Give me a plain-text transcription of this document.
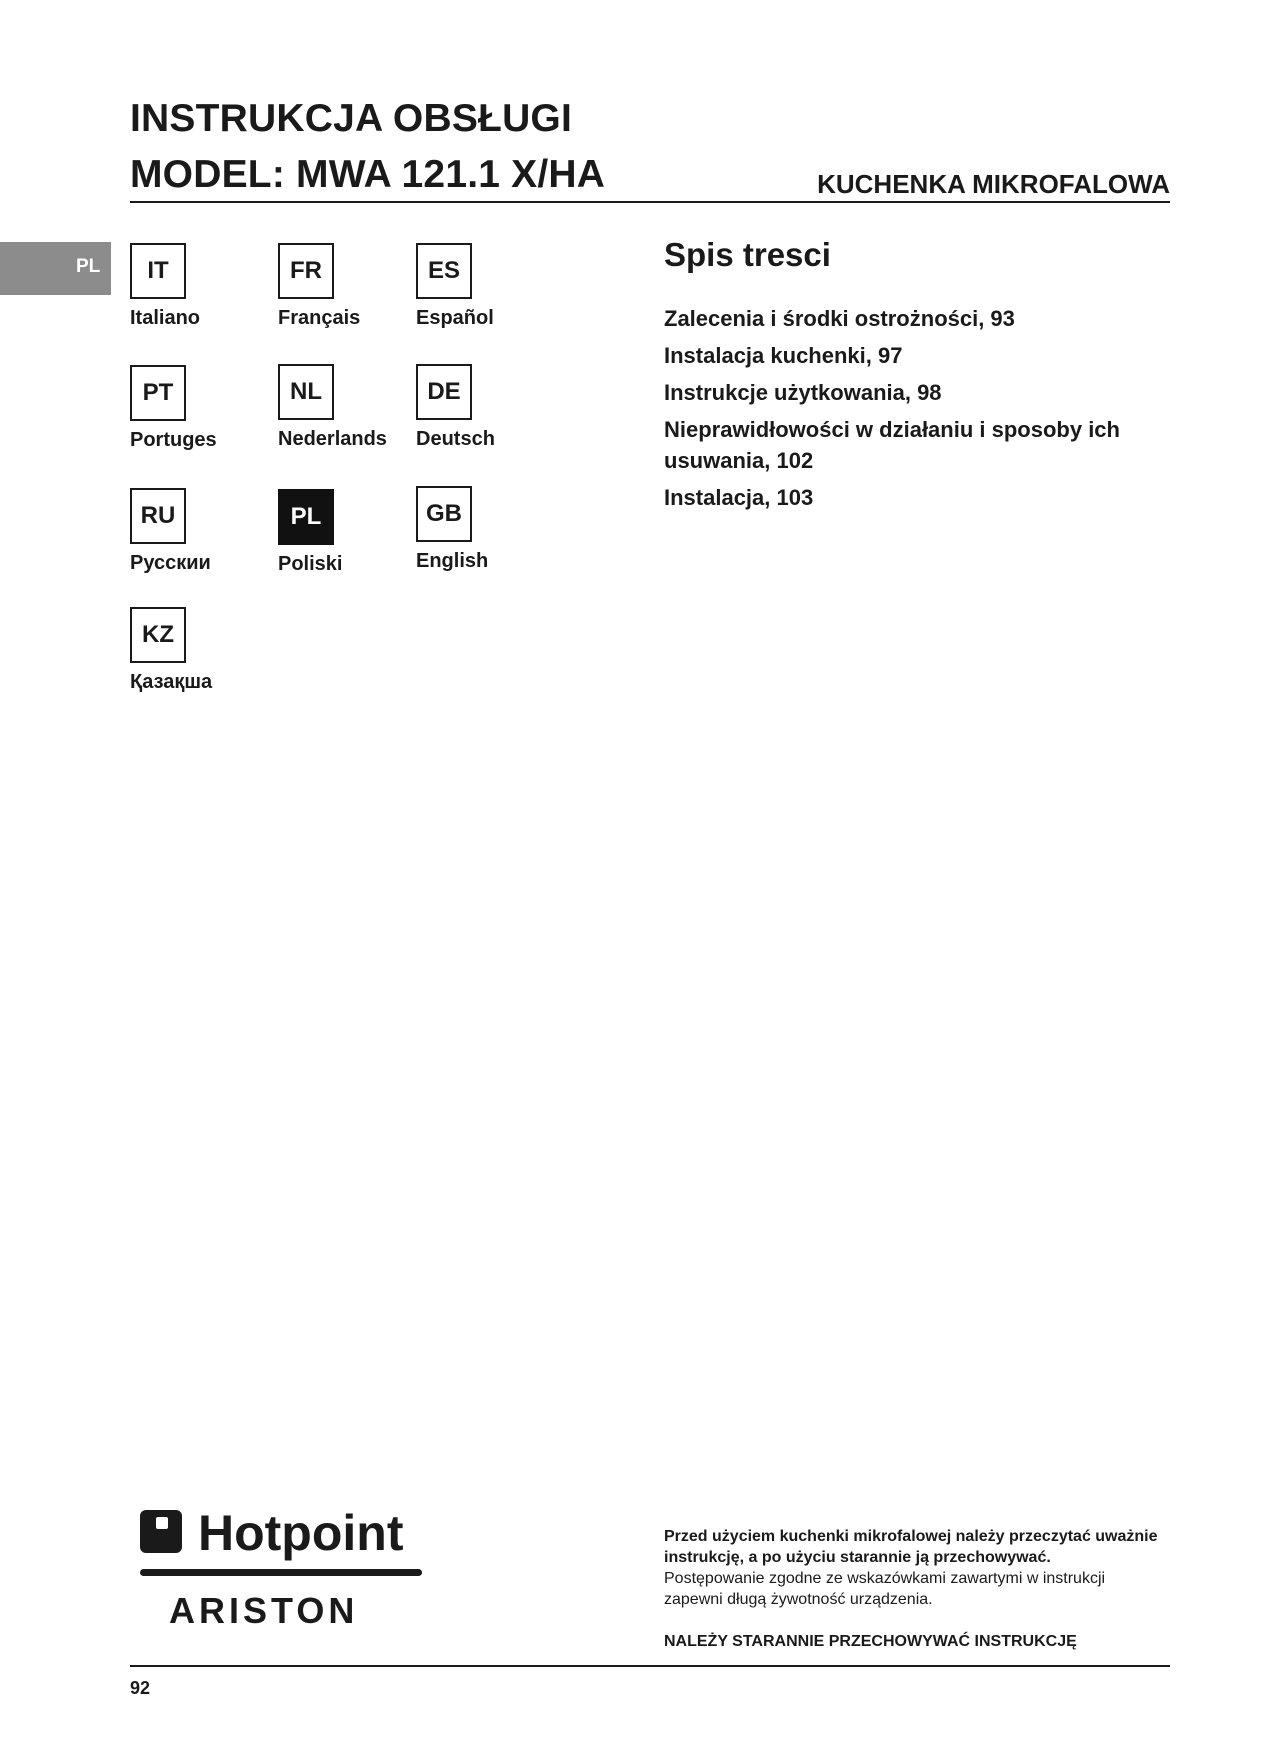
INSTRUKCJA OBSŁUGI
MODEL: MWA 121.1 X/HA	KUCHENKA MIKROFALOWA
PL	IT
Italiano
FR
Français
ES
Español
PT
Portuges
NL
Nederlands
DE
Deutsch
RU
Русскии
PL
Poliski
GB
English
KZ
Қазақша
Spis tresci
Zalecenia i środki ostrożności, 93
Instalacja kuchenki, 97
Instrukcje użytkowania, 98
Nieprawidłowości w działaniu i sposoby ich usuwania, 102
Instalacja, 103
Hotpoint
ARISTON

Przed użyciem kuchenki mikrofalowej należy przeczytać uważnie instrukcję, a po użyciu starannie ją przechowywać.

Postępowanie zgodne ze wskazówkami zawartymi w instrukcji zapewni długą żywotność urządzenia.

NALEŻY STARANNIE PRZECHOWYWAĆ INSTRUKCJĘ
92
